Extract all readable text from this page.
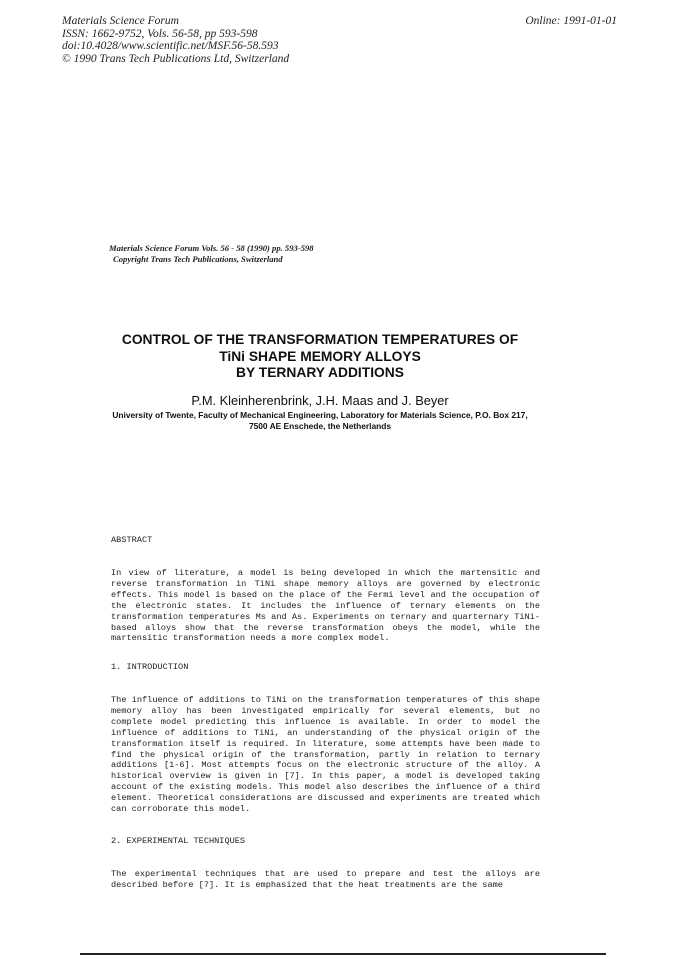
Materials Science Forum
ISSN: 1662-9752, Vols. 56-58, pp 593-598
doi:10.4028/www.scientific.net/MSF.56-58.593
© 1990 Trans Tech Publications Ltd, Switzerland
Online: 1991-01-01
Materials Science Forum Vols. 56 - 58 (1990) pp. 593-598
Copyright Trans Tech Publications, Switzerland
CONTROL OF THE TRANSFORMATION TEMPERATURES OF
TiNi SHAPE MEMORY ALLOYS
BY TERNARY ADDITIONS
P.M. Kleinherenbrink, J.H. Maas and J. Beyer
University of Twente, Faculty of Mechanical Engineering, Laboratory for Materials Science, P.O. Box 217,
7500 AE Enschede, the Netherlands
ABSTRACT
In view of literature, a model is being developed in which the martensitic and reverse transformation in TiNi shape memory alloys are governed by electronic effects. This model is based on the place of the Fermi level and the occupation of the electronic states. It includes the influence of ternary elements on the transformation temperatures Ms and As. Experiments on ternary and quarternary TiNi-based alloys show that the reverse transformation obeys the model, while the martensitic transformation needs a more complex model.
1. INTRODUCTION
The influence of additions to TiNi on the transformation temperatures of this shape memory alloy has been investigated empirically for several elements, but no complete model predicting this influence is available. In order to model the influence of additions to TiNi, an understanding of the physical origin of the transformation itself is required. In literature, some attempts have been made to find the physical origin of the transformation, partly in relation to ternary additions [1-6]. Most attempts focus on the electronic structure of the alloy. A historical overview is given in [7]. In this paper, a model is developed taking account of the existing models. This model also describes the influence of a third element. Theoretical considerations are discussed and experiments are treated which can corroborate this model.
2. EXPERIMENTAL TECHNIQUES
The experimental techniques that are used to prepare and test the alloys are described before [7]. It is emphasized that the heat treatments are the same
